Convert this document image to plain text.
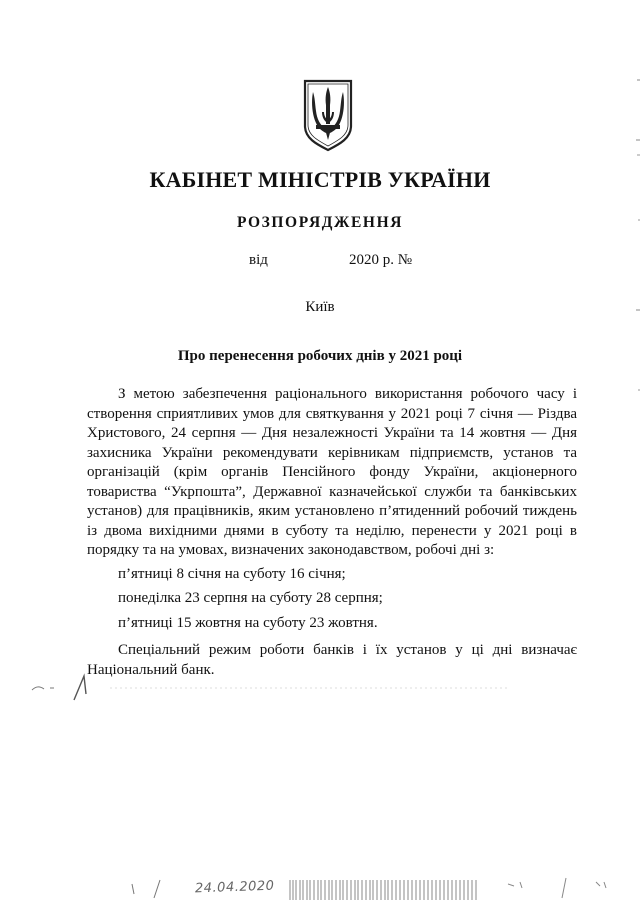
КАБІНЕТ МІНІСТРІВ УКРАЇНИ
РОЗПОРЯДЖЕННЯ
від	2020 р. №
Київ
Про перенесення робочих днів у 2021 році

З метою забезпечення раціонального використання робочого часу і створення сприятливих умов для святкування у 2021 році 7 січня — Різдва Христового, 24 серпня — Дня незалежності України та 14 жовтня — Дня захисника України рекомендувати керівникам підприємств, установ та організацій (крім органів Пенсійного фонду України, акціонерного товариства “Укрпошта”, Державної казначейської служби та банківських установ) для працівників, яким установлено п’ятиденний робочий тиждень із двома вихідними днями в суботу та неділю, перенести у 2021 році в порядку та на умовах, визначених законодавством, робочі дні з:

п’ятниці 8 січня на суботу 16 січня;

понеділка 23 серпня на суботу 28 серпня;

п’ятниці 15 жовтня на суботу 23 жовтня.

Спеціальний режим роботи банків і їх установ у ці дні визначає Національний банк.

24.04.2020
